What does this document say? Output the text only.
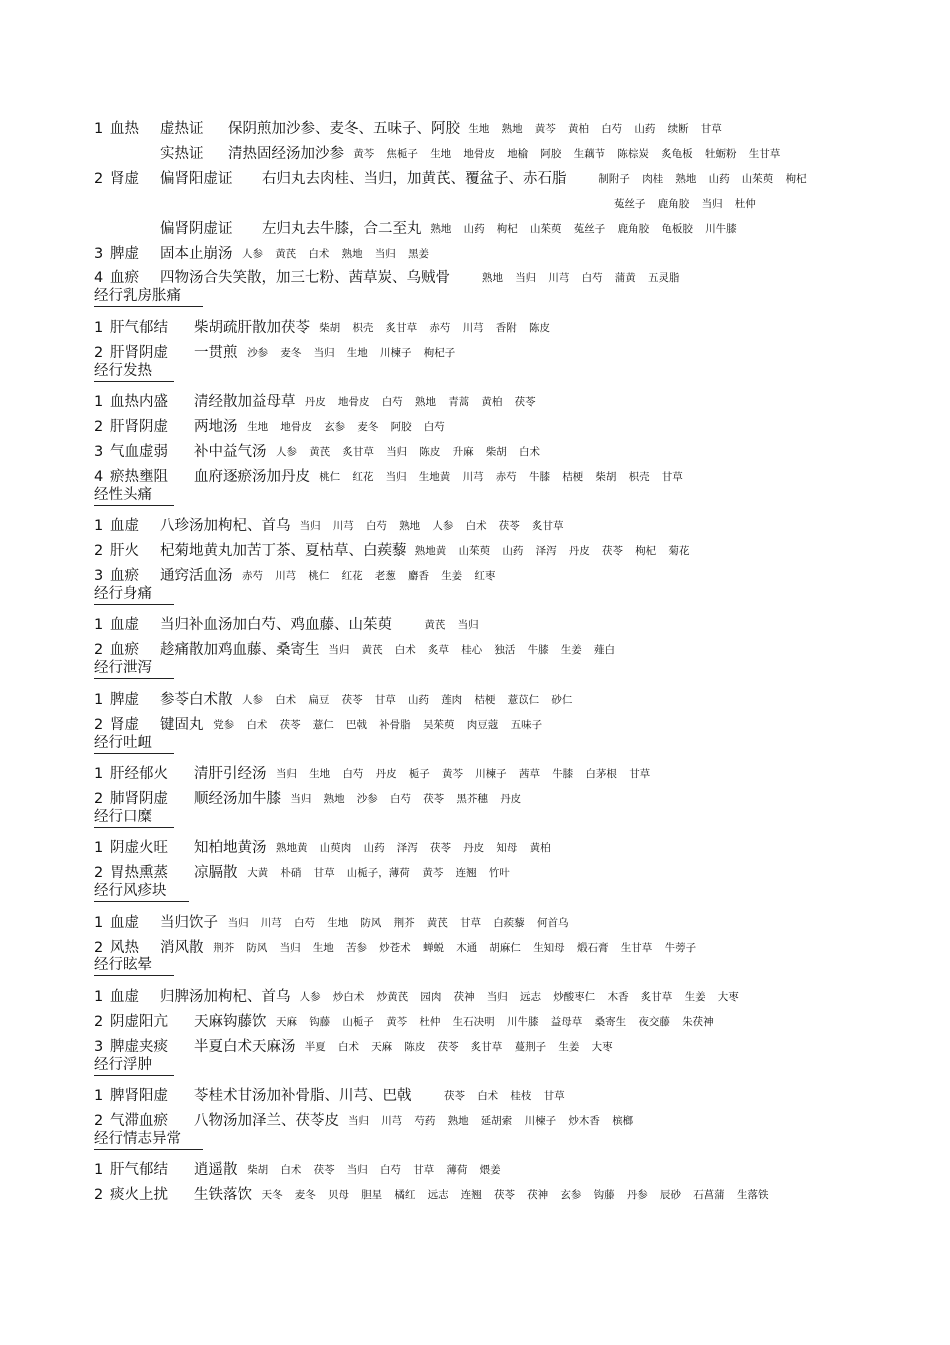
1 血热 虚热证 保阴煎加沙参、麦冬、五味子、阿胶 生地 熟地 黄芩 黄柏 白芍 山药 续断 甘草
实热证 清热固经汤加沙参 黄芩 焦栀子 生地 地骨皮 地榆 阿胶 生藕节 陈棕炭 炙龟板 牡蛎粉 生甘草
2 肾虚 偏肾阳虚证 右归丸去肉桂、当归，加黄芪、覆盆子、赤石脂	制附子 肉桂 熟地 山药 山茱萸 枸杞
菟丝子 鹿角胶 当归 杜仲
偏肾阴虚证 左归丸去牛膝，合二至丸 熟地 山药 枸杞 山茱萸 菟丝子 鹿角胶 龟板胶 川牛膝
3 脾虚 固本止崩汤 人参 黄芪 白术 熟地 当归 黑姜
4 血瘀 四物汤合失笑散，加三七粉、茜草炭、乌贼骨	熟地 当归 川芎 白芍 蒲黄 五灵脂
经行乳房胀痛
1 肝气郁结 柴胡疏肝散加茯苓 柴胡 枳壳 炙甘草 赤芍 川芎 香附 陈皮
2 肝肾阴虚 一贯煎 沙参 麦冬 当归 生地 川楝子 枸杞子
经行发热
1 血热内盛 清经散加益母草 丹皮 地骨皮 白芍 熟地 青蒿 黄柏 茯苓
2 肝肾阴虚 两地汤 生地 地骨皮 玄参 麦冬 阿胶 白芍
3 气血虚弱 补中益气汤 人参 黄芪 炙甘草 当归 陈皮 升麻 柴胡 白术
4 瘀热壅阻 血府逐瘀汤加丹皮 桃仁 红花 当归 生地黄 川芎 赤芍 牛膝 桔梗 柴胡 枳壳 甘草
经性头痛
1 血虚 八珍汤加枸杞、首乌 当归 川芎 白芍 熟地 人参 白术 茯苓 炙甘草
2 肝火 杞菊地黄丸加苦丁茶、夏枯草、白蒺藜 熟地黄 山茱萸 山药 泽泻 丹皮 茯苓 枸杞 菊花
3 血瘀 通窍活血汤 赤芍 川芎 桃仁 红花 老葱 麝香 生姜 红枣
经行身痛
1 血虚 当归补血汤加白芍、鸡血藤、山茱萸	黄芪 当归
2 血瘀 趁痛散加鸡血藤、桑寄生 当归 黄芪 白术 炙草 桂心 独活 牛膝 生姜 薤白
经行泄泻
1 脾虚 参苓白术散 人参 白术 扁豆 茯苓 甘草 山药 莲肉 桔梗 薏苡仁 砂仁
2 肾虚 键固丸 党参 白术 茯苓 薏仁 巴戟 补骨脂 吴茱萸 肉豆蔻 五味子
经行吐衄
1 肝经郁火 清肝引经汤 当归 生地 白芍 丹皮 栀子 黄芩 川楝子 茜草 牛膝 白茅根 甘草
2 肺肾阴虚 顺经汤加牛膝 当归 熟地 沙参 白芍 茯苓 黑芥穗 丹皮
经行口糜
1 阴虚火旺 知柏地黄汤 熟地黄 山萸肉 山药 泽泻 茯苓 丹皮 知母 黄柏
2 胃热熏蒸 凉膈散 大黄 朴硝 甘草 山栀子，薄荷 黄芩 连翘 竹叶
经行风疹块
1 血虚 当归饮子 当归 川芎 白芍 生地 防风 荆芥 黄芪 甘草 白蒺藜 何首乌
2 风热 消风散 荆芥 防风 当归 生地 苦参 炒苍术 蝉蜕 木通 胡麻仁 生知母 煅石膏 生甘草 牛蒡子
经行眩晕
1 血虚 归脾汤加枸杞、首乌 人参 炒白术 炒黄芪 园肉 茯神 当归 远志 炒酸枣仁 木香 炙甘草 生姜 大枣
2 阴虚阳亢 天麻钩藤饮 天麻 钩藤 山栀子 黄芩 杜仲 生石决明 川牛膝 益母草 桑寄生 夜交藤 朱茯神
3 脾虚夹痰 半夏白术天麻汤 半夏 白术 天麻 陈皮 茯苓 炙甘草 蔓荆子 生姜 大枣
经行浮肿
1 脾肾阳虚 苓桂术甘汤加补骨脂、川芎、巴戟	茯苓 白术 桂枝 甘草
2 气滞血瘀 八物汤加泽兰、茯苓皮 当归 川芎 芍药 熟地 延胡索 川楝子 炒木香 槟榔
经行情志异常
1 肝气郁结 逍遥散 柴胡 白术 茯苓 当归 白芍 甘草 薄荷 煨姜
2 痰火上扰 生铁落饮 天冬 麦冬 贝母 胆星 橘红 远志 连翘 茯苓 茯神 玄参 钩藤 丹参 辰砂 石菖蒲 生落铁
